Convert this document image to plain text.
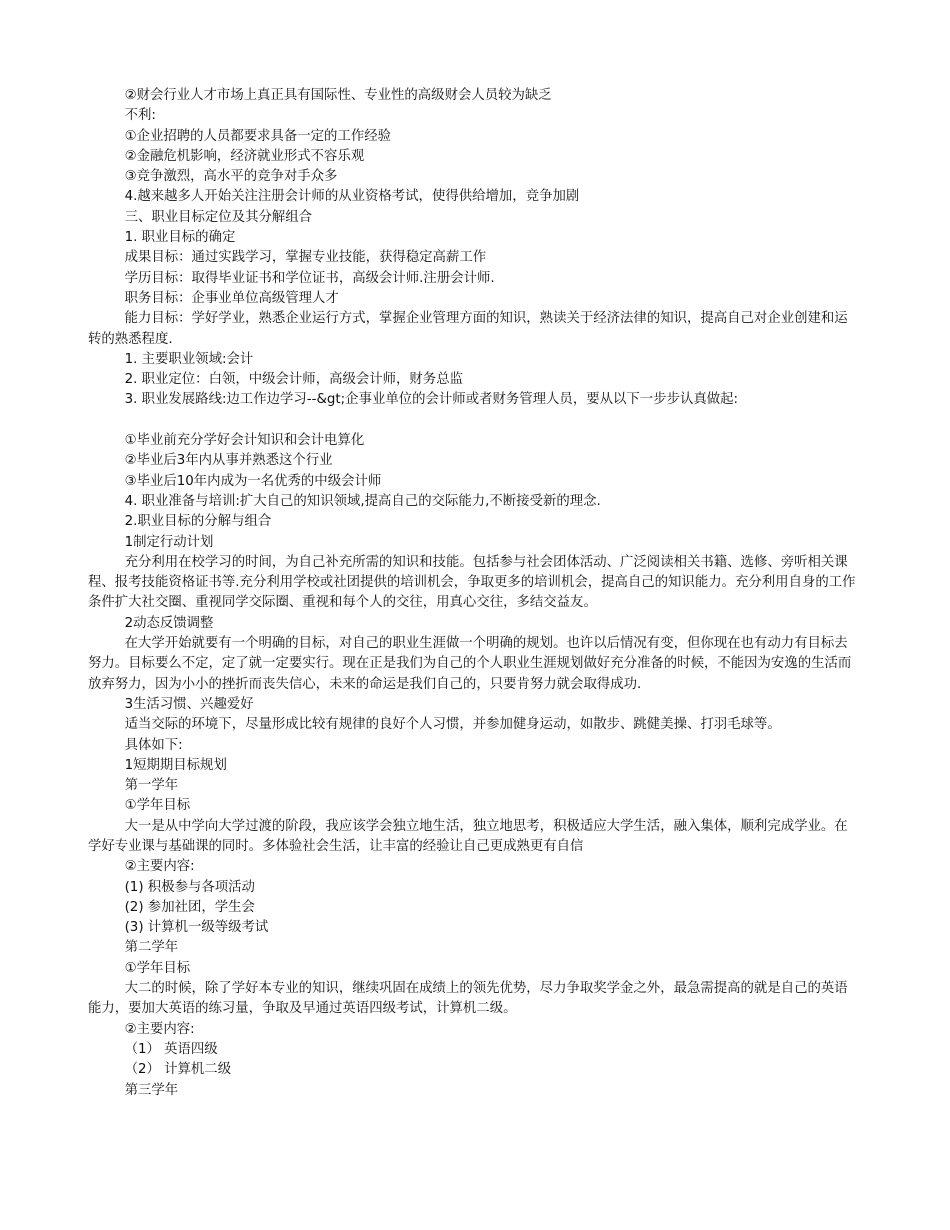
②财会行业人才市场上真正具有国际性、专业性的高级财会人员较为缺乏

不利:

①企业招聘的人员都要求具备一定的工作经验

②金融危机影响，经济就业形式不容乐观

③竞争激烈，高水平的竞争对手众多

4.越来越多人开始关注注册会计师的从业资格考试，使得供给增加，竞争加剧

三、职业目标定位及其分解组合

1. 职业目标的确定

成果目标：通过实践学习，掌握专业技能，获得稳定高薪工作

学历目标：取得毕业证书和学位证书，高级会计师.注册会计师.

职务目标：企事业单位高级管理人才

能力目标：学好学业，熟悉企业运行方式，掌握企业管理方面的知识，熟读关于经济法律的知识，提高自己对企业创建和运转的熟悉程度.

1. 主要职业领域:会计

2. 职业定位：白领，中级会计师，高级会计师，财务总监

3. 职业发展路线:边工作边学习--&gt;企事业单位的会计师或者财务管理人员，要从以下一步步认真做起:

①毕业前充分学好会计知识和会计电算化

②毕业后3年内从事并熟悉这个行业

③毕业后10年内成为一名优秀的中级会计师

4. 职业准备与培训:扩大自己的知识领域,提高自己的交际能力,不断接受新的理念.

2.职业目标的分解与组合

1制定行动计划

充分利用在校学习的时间，为自己补充所需的知识和技能。包括参与社会团体活动、广泛阅读相关书籍、选修、旁听相关课程、报考技能资格证书等.充分利用学校或社团提供的培训机会，争取更多的培训机会，提高自己的知识能力。充分利用自身的工作条件扩大社交圈、重视同学交际圈、重视和每个人的交往，用真心交往，多结交益友。

2动态反馈调整

在大学开始就要有一个明确的目标，对自己的职业生涯做一个明确的规划。也许以后情况有变，但你现在也有动力有目标去努力。目标要么不定，定了就一定要实行。现在正是我们为自己的个人职业生涯规划做好充分准备的时候，不能因为安逸的生活而放弃努力，因为小小的挫折而丧失信心，未来的命运是我们自己的，只要肯努力就会取得成功.

3生活习惯、兴趣爱好

适当交际的环境下，尽量形成比较有规律的良好个人习惯，并参加健身运动，如散步、跳健美操、打羽毛球等。

具体如下:

1短期期目标规划

第一学年

①学年目标

大一是从中学向大学过渡的阶段，我应该学会独立地生活，独立地思考，积极适应大学生活，融入集体，顺利完成学业。在学好专业课与基础课的同时。多体验社会生活，让丰富的经验让自己更成熟更有自信

②主要内容:

(1) 积极参与各项活动

(2) 参加社团，学生会

(3) 计算机一级等级考试

第二学年

①学年目标

大二的时候，除了学好本专业的知识，继续巩固在成绩上的领先优势，尽力争取奖学金之外，最急需提高的就是自己的英语能力，要加大英语的练习量，争取及早通过英语四级考试，计算机二级。

②主要内容:

（1） 英语四级

（2） 计算机二级

第三学年
